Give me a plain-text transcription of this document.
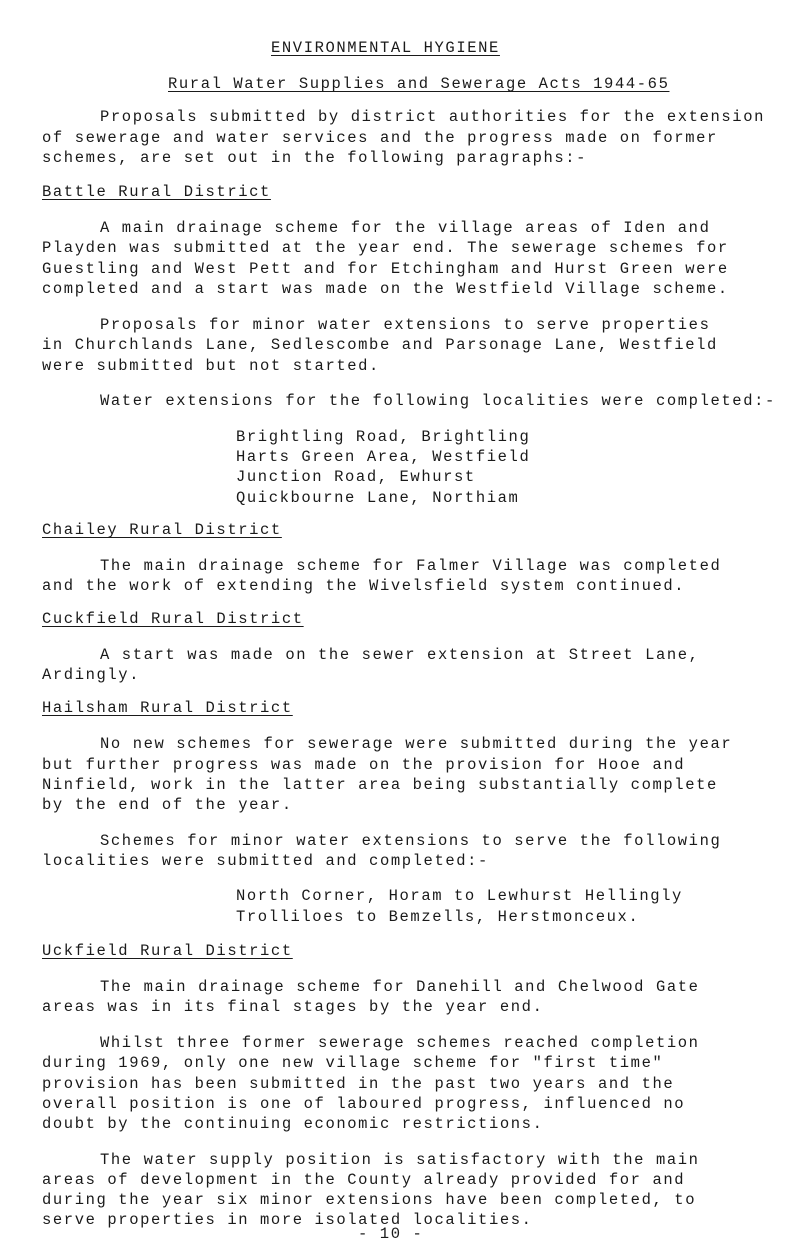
ENVIRONMENTAL HYGIENE
Rural Water Supplies and Sewerage Acts 1944-65
Proposals submitted by district authorities for the extension
of sewerage and water services and the progress made on former
schemes, are set out in the following paragraphs:-
Battle Rural District
A main drainage scheme for the village areas of Iden and
Playden was submitted at the year end. The sewerage schemes for
Guestling and West Pett and for Etchingham and Hurst Green were
completed and a start was made on the Westfield Village scheme.
Proposals for minor water extensions to serve properties
in Churchlands Lane, Sedlescombe and Parsonage Lane, Westfield
were submitted but not started.
Water extensions for the following localities were completed:-
Brightling Road, Brightling
Harts Green Area, Westfield
Junction Road, Ewhurst
Quickbourne Lane, Northiam
Chailey Rural District
The main drainage scheme for Falmer Village was completed
and the work of extending the Wivelsfield system continued.
Cuckfield Rural District
A start was made on the sewer extension at Street Lane,
Ardingly.
Hailsham Rural District
No new schemes for sewerage were submitted during the year
but further progress was made on the provision for Hooe and
Ninfield, work in the latter area being substantially complete
by the end of the year.
Schemes for minor water extensions to serve the following
localities were submitted and completed:-
North Corner, Horam to Lewhurst Hellingly
Trolliloes to Bemzells, Herstmonceux.
Uckfield Rural District
The main drainage scheme for Danehill and Chelwood Gate
areas was in its final stages by the year end.
Whilst three former sewerage schemes reached completion
during 1969, only one new village scheme for "first time"
provision has been submitted in the past two years and the
overall position is one of laboured progress, influenced no
doubt by the continuing economic restrictions.
The water supply position is satisfactory with the main
areas of development in the County already provided for and
during the year six minor extensions have been completed, to
serve properties in more isolated localities.
- 10 -
